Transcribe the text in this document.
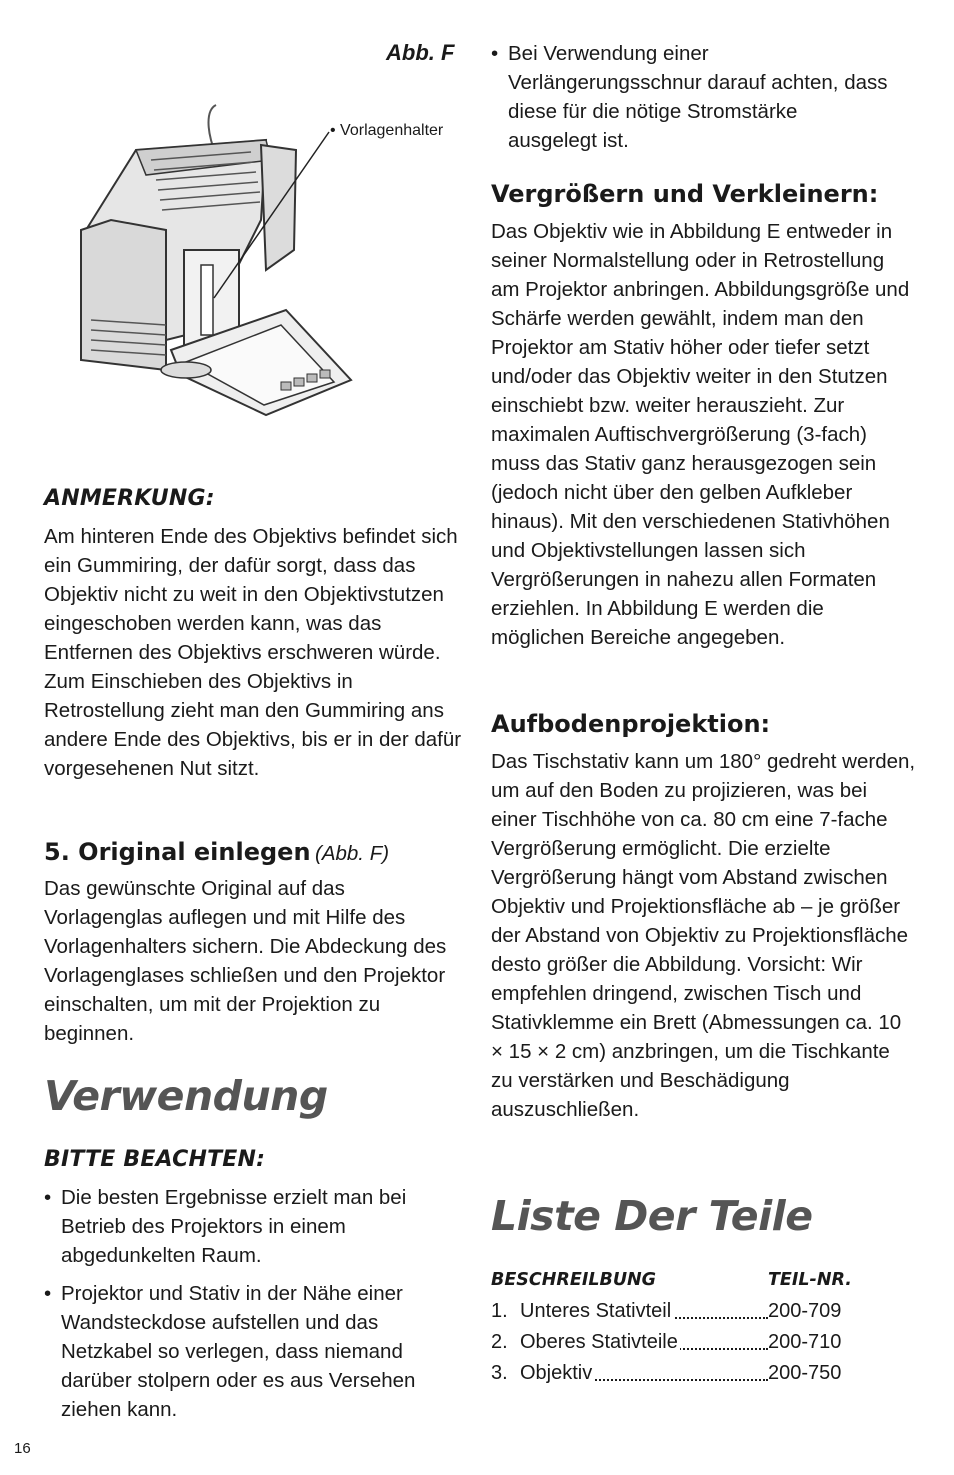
Abb. F
• Vorlagenhalter
ANMERKUNG:

Am hinteren Ende des Objektivs befindet sich ein Gummiring, der dafür sorgt, dass das Objektiv nicht zu weit in den Objektivstutzen eingeschoben werden kann, was das Entfernen des Objektivs erschweren würde. Zum Einschieben des Objektivs in Retrostellung zieht man den Gummiring ans andere Ende des Objektivs, bis er in der dafür vorgesehenen Nut sitzt.

5. Original einlegen (Abb. F)

Das gewünschte Original auf das Vorlagenglas auflegen und mit Hilfe des Vorlagenhalters sichern. Die Abdeckung des Vorlagenglases schließen und den Projektor einschalten, um mit der Projektion zu beginnen.

Verwendung
BITTE BEACHTEN:

• Die besten Ergebnisse erzielt man bei Betrieb des Projektors in einem abgedunkelten Raum.

• Projektor und Stativ in der Nähe einer Wandsteckdose aufstellen und das Netzkabel so verlegen, dass niemand darüber stolpern oder es aus Versehen ziehen kann.

• Bei Verwendung einer Verlängerungsschnur darauf achten, dass diese für die nötige Stromstärke ausgelegt ist.

Vergrößern und Verkleinern:

Das Objektiv wie in Abbildung E entweder in seiner Normalstellung oder in Retrostellung am Projektor anbringen. Abbildungsgröße und Schärfe werden gewählt, indem man den Projektor am Stativ höher oder tiefer setzt und/oder das Objektiv weiter in den Stutzen einschiebt bzw. weiter herauszieht. Zur maximalen Auftischvergrößerung (3-fach) muss das Stativ ganz herausgezogen sein (jedoch nicht über den gelben Aufkleber hinaus). Mit den verschiedenen Stativhöhen und Objektivstellungen lassen sich Vergrößerungen in nahezu allen Formaten erziehlen. In Abbildung E werden die möglichen Bereiche angegeben.

Aufbodenprojektion:

Das Tischstativ kann um 180° gedreht werden, um auf den Boden zu projizieren, was bei einer Tischhöhe von ca. 80 cm eine 7-fache Vergrößerung ermöglicht. Die erzielte Vergrößerung hängt vom Abstand zwischen Objektiv und Projektionsfläche ab – je größer der Abstand von Objektiv zu Projektionsfläche desto größer die Abbildung. Vorsicht: Wir empfehlen dringend, zwischen Tisch und Stativklemme ein Brett (Abmessungen ca. 10 × 15 × 2 cm) anzbringen, um die Tischkante zu verstärken und Beschädigung auszuschließen.

Liste Der Teile
BESCHREILBUNG	TEIL-NR.
1. Unteres Stativteil	200-709
2. Oberes Stativteile	200-710
3. Objektiv	200-750
16
